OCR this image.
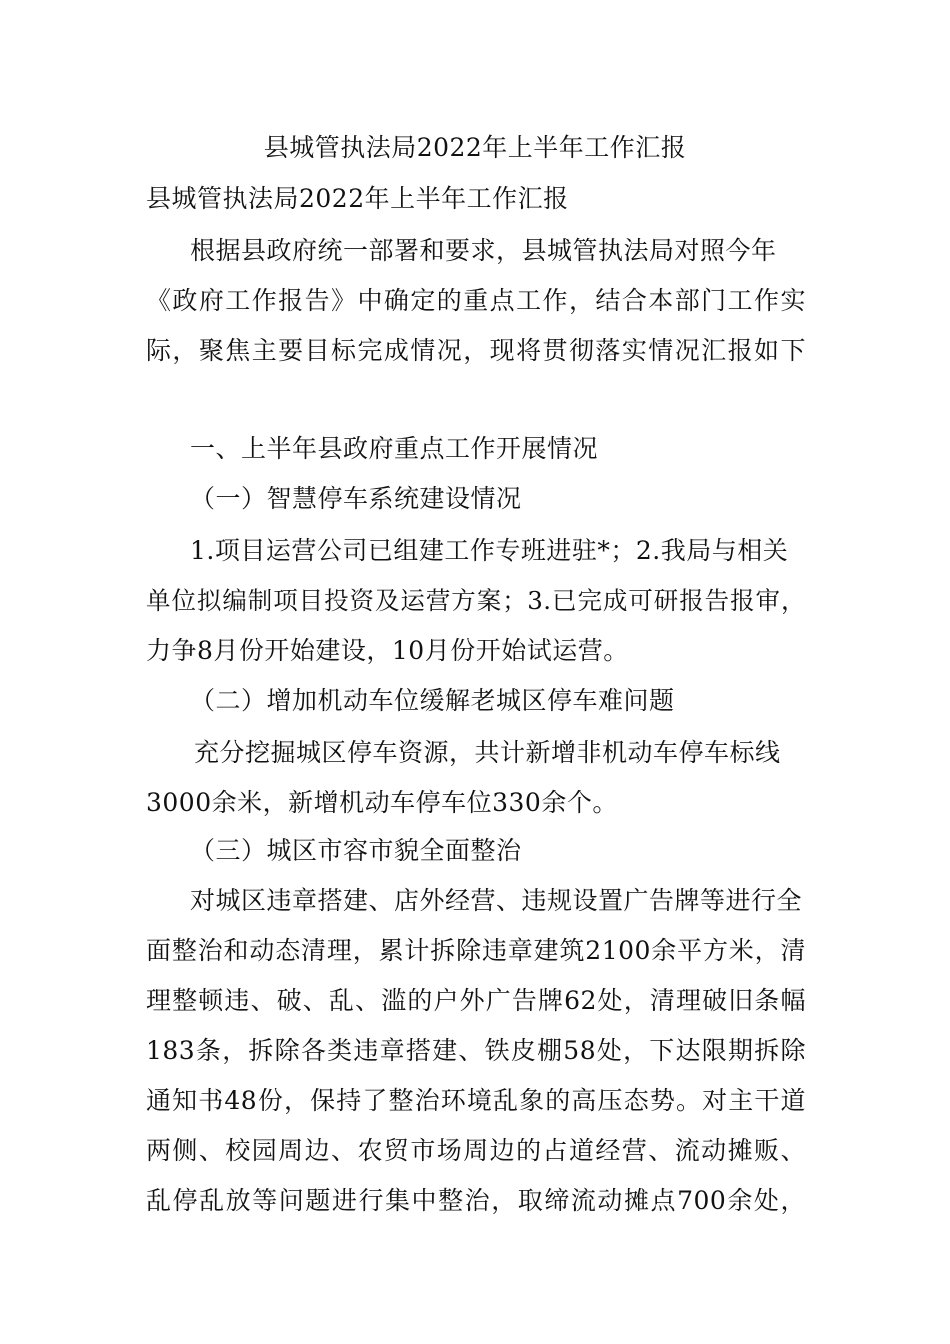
县城管执法局2022年上半年工作汇报
县城管执法局2022年上半年工作汇报
根据县政府统一部署和要求，县城管执法局对照今年
《政府工作报告》中确定的重点工作，结合本部门工作实
际，聚焦主要目标完成情况，现将贯彻落实情况汇报如下
一、上半年县政府重点工作开展情况
（一）智慧停车系统建设情况
1.项目运营公司已组建工作专班进驻*；2.我局与相关
单位拟编制项目投资及运营方案；3.已完成可研报告报审，
力争8月份开始建设，10月份开始试运营。
（二）增加机动车位缓解老城区停车难问题
充分挖掘城区停车资源，共计新增非机动车停车标线
3000余米，新增机动车停车位330余个。
（三）城区市容市貌全面整治
对城区违章搭建、店外经营、违规设置广告牌等进行全
面整治和动态清理，累计拆除违章建筑2100余平方米，清
理整顿违、破、乱、滥的户外广告牌62处，清理破旧条幅
183条，拆除各类违章搭建、铁皮棚58处，下达限期拆除
通知书48份，保持了整治环境乱象的高压态势。对主干道
两侧、校园周边、农贸市场周边的占道经营、流动摊贩、
乱停乱放等问题进行集中整治，取缔流动摊点700余处，
